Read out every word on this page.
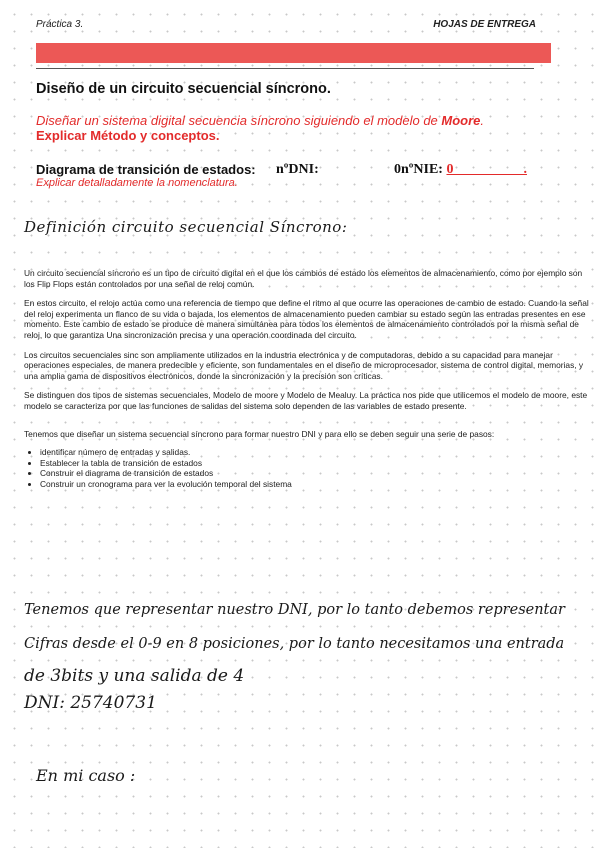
Práctica 3.	HOJAS DE ENTREGA
Diseño de un circuito secuencial síncrono.
Diseñar un sistema digital secuencia síncrono siguiendo el modelo de Moore.
Explicar Método y conceptos.
Diagrama de transición de estados: nºDNI:	0nºNIE: 0__________.
Explicar detalladamente la nomenclatura.
Definición circuito secuencial Síncrono:

Un circuito secuencial síncrono es un tipo de circuito digital en el que los cambios de estado los elementos de almacenamiento, como por ejemplo son los Flip Flops están controlados por una señal de reloj común.

En estos circuito, el relojo actúa como una referencia de tiempo que define el ritmo al que ocurre las operaciones de cambio de estado. Cuando la señal del reloj experimenta un flanco de su vida o bajada, los elementos de almacenamiento pueden cambiar su estado según las entradas presentes en ese momento. Este cambio de estado se produce de manera simultánea para todos los elementos de almacenamiento controlados por la misma señal de reloj, lo que garantiza Una sincronización precisa y una operación coordinada del circuito.

Los circuitos secuenciales sinc son ampliamente utilizados en la industria electrónica y de computadoras, debido a su capacidad para manejar operaciones especiales, de manera predecible y eficiente, son fundamentales en el diseño de microprocesador, sistema de control digital, memorias, y una amplia gama de dispositivos electrónicos, donde la sincronización y la precisión son críticas.

Se distinguen dos tipos de sistemas secuenciales, Modelo de moore y Modelo de Mealuy. La práctica nos pide que utilicemos el modelo de moore, este modelo se caracteriza por que las funciones de salidas del sistema solo dependen de las variables de estado presente.

Tenemos que diseñar un sistema secuencial síncrono para formar nuestro DNI y para ello se deben seguir una serie de pasos:

• identificar número de entradas y salidas.
• Establecer la tabla de transición de estados
• Construir el diagrama de transición de estados
• Construir un cronograma para ver la evolución temporal del sistema
Tenemos que representar nuestro DNI, por lo tanto debemos representar
Cifras desde el 0-9 en 8 posiciones, por lo tanto necesitamos una entrada
de 3bits y una salida de 4
DNI: 25740731
En mi caso :
